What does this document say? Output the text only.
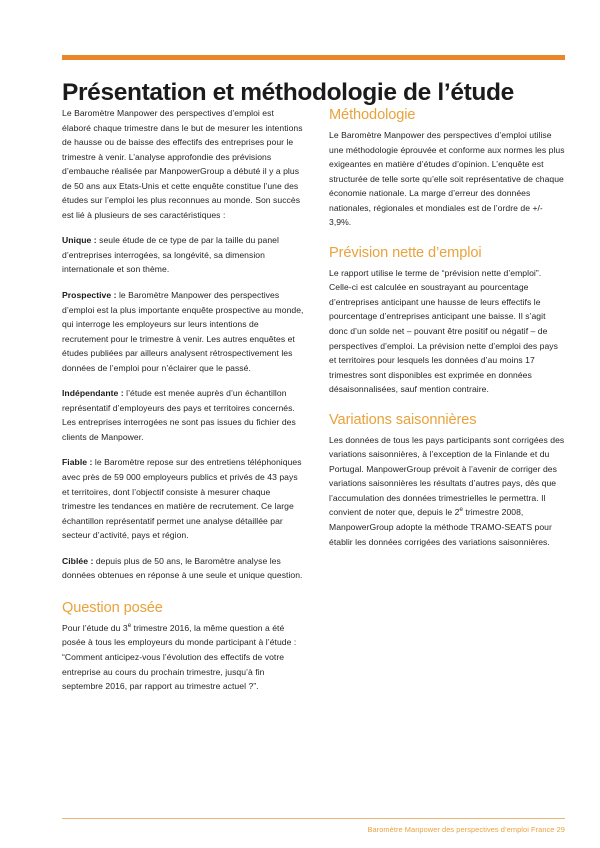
Présentation et méthodologie de l’étude

Le Baromètre Manpower des perspectives d’emploi est élaboré chaque trimestre dans le but de mesurer les intentions de hausse ou de baisse des effectifs des entreprises pour le trimestre à venir. L’analyse approfondie des prévisions d’embauche réalisée par ManpowerGroup a débuté il y a plus de 50 ans aux Etats-Unis et cette enquête constitue l’une des études sur l’emploi les plus reconnues au monde. Son succès est lié à plusieurs de ses caractéristiques :

Unique : seule étude de ce type de par la taille du panel d’entreprises interrogées, sa longévité, sa dimension internationale et son thème.

Prospective : le Baromètre Manpower des perspectives d’emploi est la plus importante enquête prospective au monde, qui interroge les employeurs sur leurs intentions de recrutement pour le trimestre à venir. Les autres enquêtes et études publiées par ailleurs analysent rétrospectivement les données de l’emploi pour n’éclairer que le passé.

Indépendante : l’étude est menée auprès d’un échantillon représentatif d’employeurs des pays et territoires concernés. Les entreprises interrogées ne sont pas issues du fichier des clients de Manpower.

Fiable : le Baromètre repose sur des entretiens téléphoniques avec près de 59 000 employeurs publics et privés de 43 pays et territoires, dont l’objectif consiste à mesurer chaque trimestre les tendances en matière de recrutement. Ce large échantillon représentatif permet une analyse détaillée par secteur d’activité, pays et région.

Ciblée : depuis plus de 50 ans, le Baromètre analyse les données obtenues en réponse à une seule et unique question.

Question posée

Pour l’étude du 3e trimestre 2016, la même question a été posée à tous les employeurs du monde participant à l’étude : “Comment anticipez-vous l’évolution des effectifs de votre entreprise au cours du prochain trimestre, jusqu’à fin septembre 2016, par rapport au trimestre actuel ?”.

Méthodologie

Le Baromètre Manpower des perspectives d’emploi utilise une méthodologie éprouvée et conforme aux normes les plus exigeantes en matière d’études d’opinion. L’enquête est structurée de telle sorte qu’elle soit représentative de chaque économie nationale. La marge d’erreur des données nationales, régionales et mondiales est de l’ordre de +/- 3,9%.

Prévision nette d’emploi

Le rapport utilise le terme de “prévision nette d’emploi”. Celle-ci est calculée en soustrayant au pourcentage d’entreprises anticipant une hausse de leurs effectifs le pourcentage d’entreprises anticipant une baisse. Il s’agit donc d’un solde net – pouvant être positif ou négatif – de perspectives d’emploi. La prévision nette d’emploi des pays et territoires pour lesquels les données d’au moins 17 trimestres sont disponibles est exprimée en données désaisonnalisées, sauf mention contraire.

Variations saisonnières

Les données de tous les pays participants sont corrigées des variations saisonnières, à l’exception de la Finlande et du Portugal. ManpowerGroup prévoit à l’avenir de corriger des variations saisonnières les résultats d’autres pays, dès que l’accumulation des données trimestrielles le permettra. Il convient de noter que, depuis le 2e trimestre 2008, ManpowerGroup adopte la méthode TRAMO-SEATS pour établir les données corrigées des variations saisonnières.

Baromètre Manpower des perspectives d’emploi France 29
